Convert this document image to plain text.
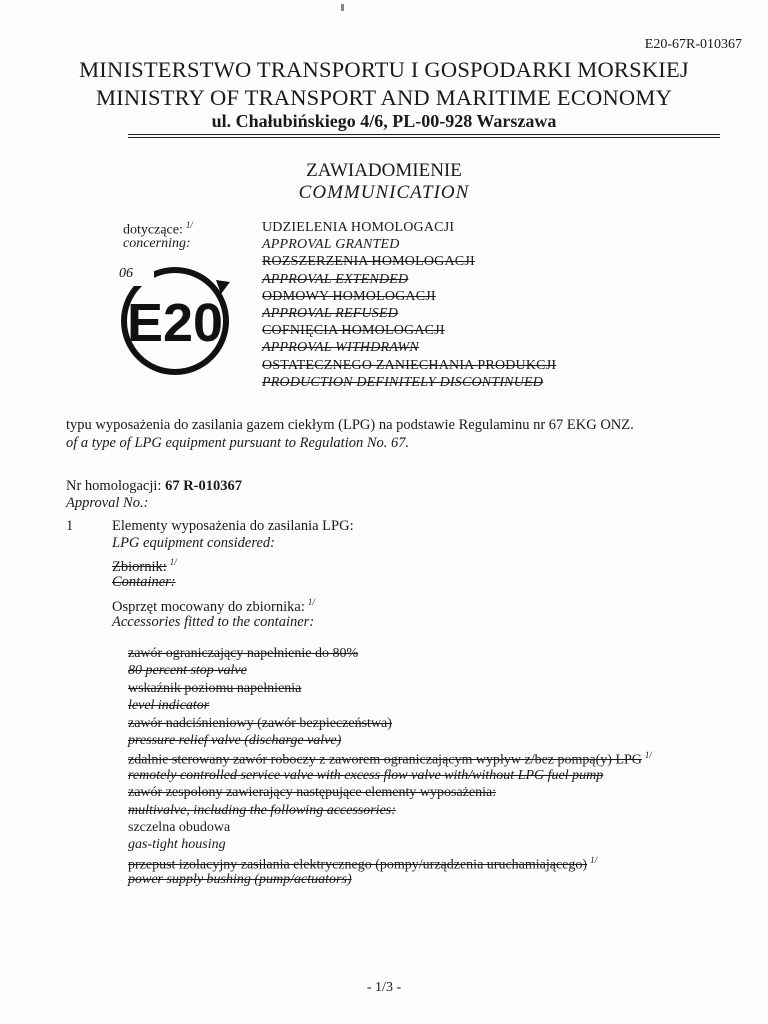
E20-67R-010367
MINISTERSTWO TRANSPORTU I GOSPODARKI MORSKIEJ
MINISTRY OF TRANSPORT AND MARITIME ECONOMY
ul. Chałubińskiego 4/6, PL-00-928 Warszawa
ZAWIADOMIENIE
COMMUNICATION
dotyczące: $^{1/}$
concerning:
06
E20
UDZIELENIA HOMOLOGACJI
APPROVAL GRANTED
ROZSZERZENIA HOMOLOGACJI
APPROVAL EXTENDED
ODMOWY HOMOLOGACJI
APPROVAL REFUSED
COFNIĘCIA HOMOLOGACJI
APPROVAL WITHDRAWN
OSTATECZNEGO ZANIECHANIA PRODUKCJI
PRODUCTION DEFINITELY DISCONTINUED
typu wyposażenia do zasilania gazem ciekłym (LPG) na podstawie Regulaminu nr 67 EKG ONZ.
of a type of LPG equipment pursuant to Regulation No. 67.
Nr homologacji: 67 R-010367
Approval No.:
1	Elementy wyposażenia do zasilania LPG:
LPG equipment considered:
Zbiornik: $^{1/}$
Container:
Osprzęt mocowany do zbiornika: $^{1/}$
Accessories fitted to the container:
zawór ograniczający napełnienie do 80%
80 percent stop valve
wskaźnik poziomu napełnienia
level indicator
zawór nadciśnieniowy (zawór bezpieczeństwa)
pressure relief valve (discharge valve)
zdalnie sterowany zawór roboczy z zaworem ograniczającym wypływ z/bez pompą(y) LPG $^{1/}$
remotely controlled service valve with excess flow valve with/without LPG fuel pump
zawór zespolony zawierający następujące elementy wyposażenia:
multivalve, including the following accessories:
szczelna obudowa
gas-tight housing
przepust izolacyjny zasilania elektrycznego (pompy/urządzenia uruchamiającego) $^{1/}$
power supply bushing (pump/actuators)
- 1/3 -
